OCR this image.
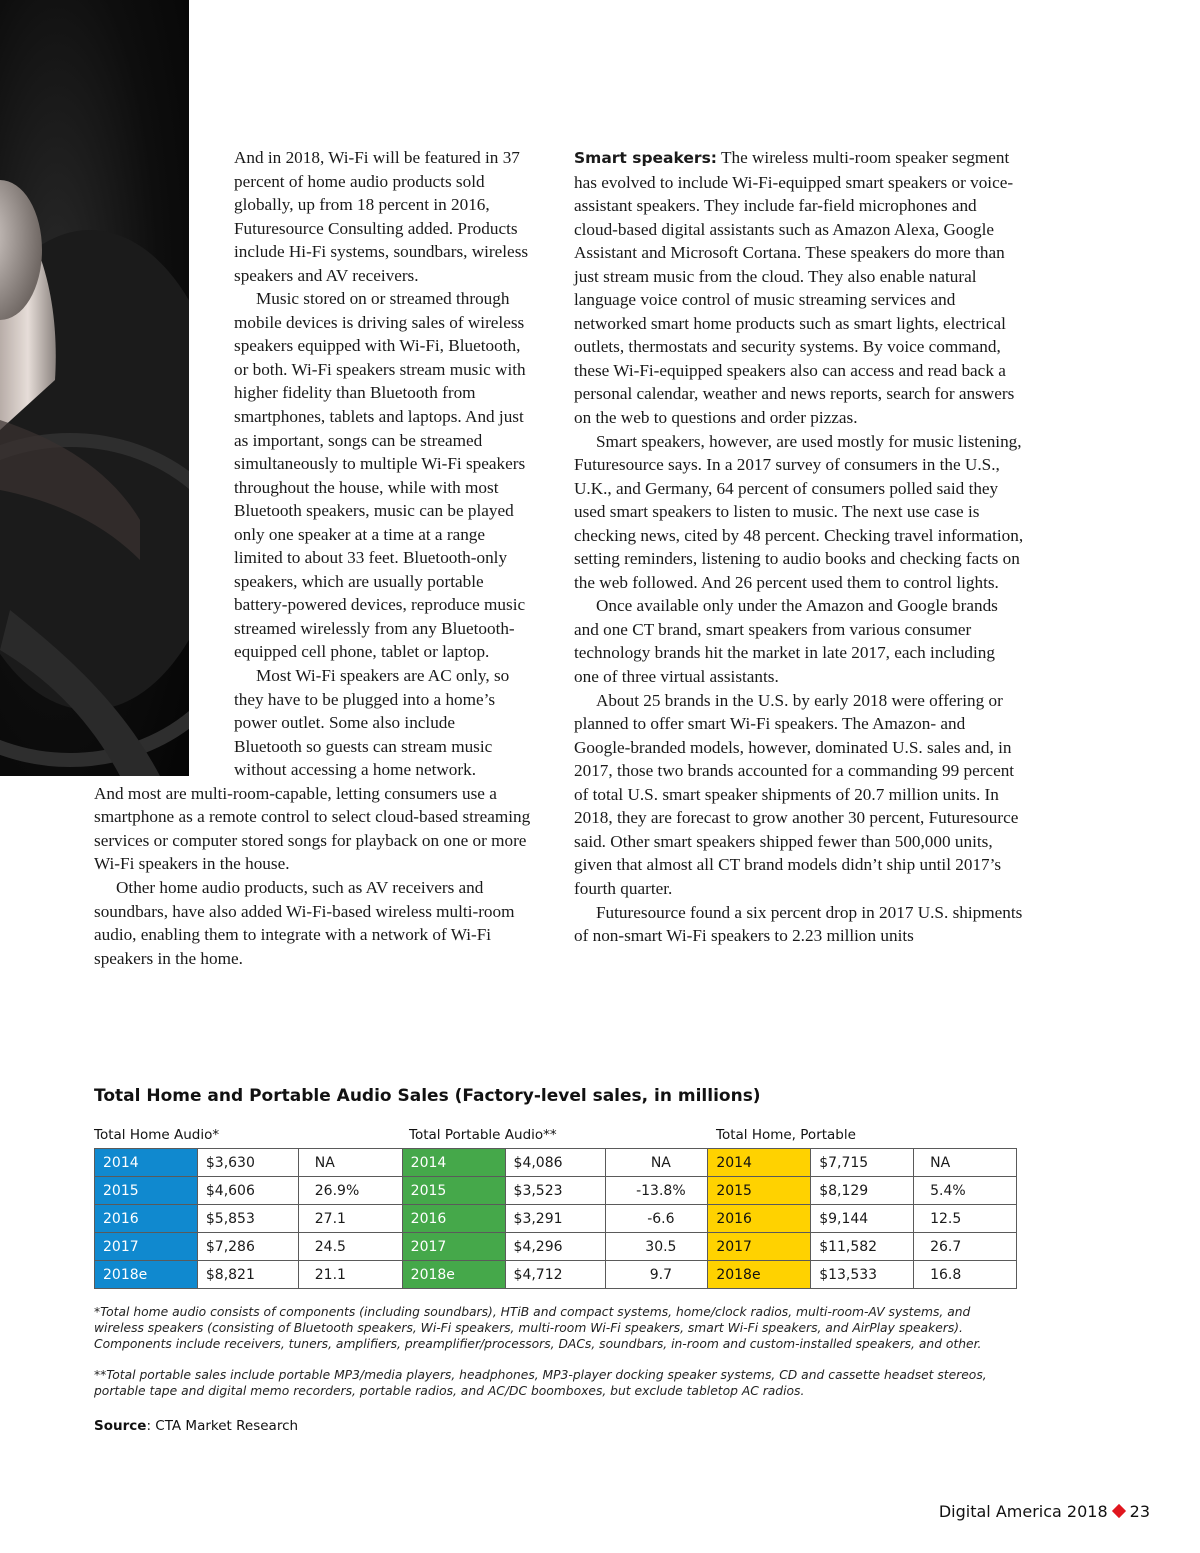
And in 2018, Wi-Fi will be featured in 37 percent of home audio products sold globally, up from 18 percent in 2016, Futuresource Consulting added. Products include Hi-Fi systems, soundbars, wireless speakers and AV receivers.

Music stored on or streamed through mobile devices is driving sales of wireless speakers equipped with Wi-Fi, Bluetooth, or both. Wi-Fi speakers stream music with higher fidelity than Bluetooth from smartphones, tablets and laptops. And just as important, songs can be streamed simultaneously to multiple Wi-Fi speakers throughout the house, while with most Bluetooth speakers, music can be played only one speaker at a time at a range limited to about 33 feet. Bluetooth-only speakers, which are usually portable battery-powered devices, reproduce music streamed wirelessly from any Bluetooth-equipped cell phone, tablet or laptop.

Most Wi-Fi speakers are AC only, so they have to be plugged into a home’s power outlet. Some also include Bluetooth so guests can stream music without accessing a home network.

And most are multi-room-capable, letting consumers use a smartphone as a remote control to select cloud-based streaming services or computer stored songs for playback on one or more Wi-Fi speakers in the house.

Other home audio products, such as AV receivers and soundbars, have also added Wi-Fi-based wireless multi-room audio, enabling them to integrate with a network of Wi-Fi speakers in the home.

Smart speakers: The wireless multi-room speaker segment has evolved to include Wi-Fi-equipped smart speakers or voice-assistant speakers. They include far-field microphones and cloud-based digital assistants such as Amazon Alexa, Google Assistant and Microsoft Cortana. These speakers do more than just stream music from the cloud. They also enable natural language voice control of music streaming services and networked smart home products such as smart lights, electrical outlets, thermostats and security systems. By voice command, these Wi-Fi-equipped speakers also can access and read back a personal calendar, weather and news reports, search for answers on the web to questions and order pizzas.

Smart speakers, however, are used mostly for music listening, Futuresource says. In a 2017 survey of consumers in the U.S., U.K., and Germany, 64 percent of consumers polled said they used smart speakers to listen to music. The next use case is checking news, cited by 48 percent. Checking travel information, setting reminders, listening to audio books and checking facts on the web followed. And 26 percent used them to control lights.

Once available only under the Amazon and Google brands and one CT brand, smart speakers from various consumer technology brands hit the market in late 2017, each including one of three virtual assistants.

About 25 brands in the U.S. by early 2018 were offering or planned to offer smart Wi-Fi speakers. The Amazon- and Google-branded models, however, dominated U.S. sales and, in 2017, those two brands accounted for a commanding 99 percent of total U.S. smart speaker shipments of 20.7 million units. In 2018, they are forecast to grow another 30 percent, Futuresource said. Other smart speakers shipped fewer than 500,000 units, given that almost all CT brand models didn’t ship until 2017’s fourth quarter.

Futuresource found a six percent drop in 2017 U.S. shipments of non-smart Wi-Fi speakers to 2.23 million units

Total Home and Portable Audio Sales (Factory-level sales, in millions)
Total Home Audio*	Total Portable Audio**	Total Home, Portable
2014	$3,630	NA	2014	$4,086	NA	2014	$7,715	NA
2015	$4,606	26.9%	2015	$3,523	-13.8%	2015	$8,129	5.4%
2016	$5,853	27.1	2016	$3,291	-6.6	2016	$9,144	12.5
2017	$7,286	24.5	2017	$4,296	30.5	2017	$11,582	26.7
2018e	$8,821	21.1	2018e	$4,712	9.7	2018e	$13,533	16.8
*Total home audio consists of components (including soundbars), HTiB and compact systems, home/clock radios, multi-room-AV systems, and wireless speakers (consisting of Bluetooth speakers, Wi-Fi speakers, multi-room Wi-Fi speakers, smart Wi-Fi speakers, and AirPlay speakers). Components include receivers, tuners, amplifiers, preamplifier/processors, DACs, soundbars, in-room and custom-installed speakers, and other.
**Total portable sales include portable MP3/media players, headphones, MP3-player docking speaker systems, CD and cassette headset stereos, portable tape and digital memo recorders, portable radios, and AC/DC boomboxes, but exclude tabletop AC radios.
Source: CTA Market Research
Digital America 2018 23
